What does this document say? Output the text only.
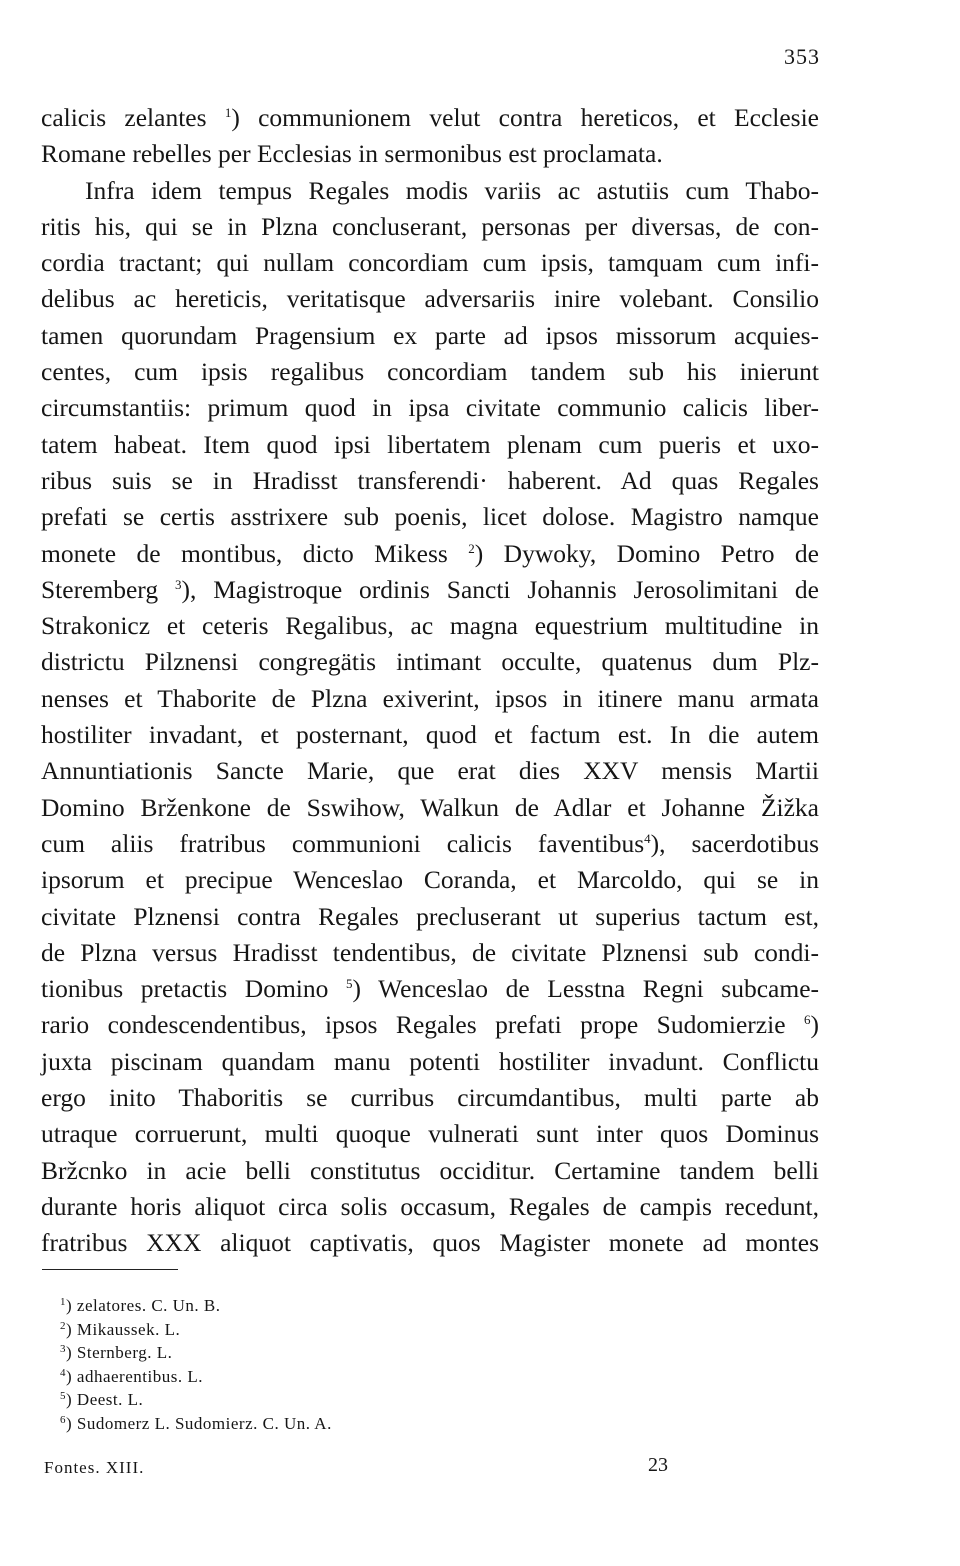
353
calicis zelantes $^1$) communionem velut contra hereticos, et Ecclesie
Romane rebelles per Ecclesias in sermonibus est proclamata.
Infra idem tempus Regales modis variis ac astutiis cum Thabo-
ritis his, qui se in Plzna concluserant, personas per diversas, de con-
cordia tractant; qui nullam concordiam cum ipsis, tamquam cum infi-
delibus ac hereticis, veritatisque adversariis inire volebant. Consilio
tamen quorundam Pragensium ex parte ad ipsos missorum acquies-
centes, cum ipsis regalibus concordiam tandem sub his inierunt
circumstantiis: primum quod in ipsa civitate communio calicis liber-
tatem habeat. Item quod ipsi libertatem plenam cum pueris et uxo-
ribus suis se in Hradisst transferendi· haberent. Ad quas Regales
prefati se certis asstrixere sub poenis, licet dolose. Magistro namque
monete de montibus, dicto Mikess $^2$) Dywoky, Domino Petro de
Steremberg $^3$), Magistroque ordinis Sancti Johannis Jerosolimitani de
Strakonicz et ceteris Regalibus, ac magna equestrium multitudine in
districtu Pilznensi congregätis intimant occulte, quatenus dum Plz-
nenses et Thaborite de Plzna exiverint, ipsos in itinere manu armata
hostiliter invadant, et posternant, quod et factum est. In die autem
Annuntiationis Sancte Marie, que erat dies XXV mensis Martii
Domino Brženkone de Sswihow, Walkun de Adlar et Johanne Žižka
cum aliis fratribus communioni calicis faventibus$^4$), sacerdotibus
ipsorum et precipue Wenceslao Coranda, et Marcoldo, qui se in
civitate Plznensi contra Regales precluserant ut superius tactum est,
de Plzna versus Hradisst tendentibus, de civitate Plznensi sub condi-
tionibus pretactis Domino $^5$) Wenceslao de Lesstna Regni subcame-
rario condescendentibus, ipsos Regales prefati prope Sudomierzie $^6$)
juxta piscinam quandam manu potenti hostiliter invadunt. Conflictu
ergo inito Thaboritis se curribus circumdantibus, multi parte ab
utraque corruerunt, multi quoque vulnerati sunt inter quos Dominus
Bržcnko in acie belli constitutus occiditur. Certamine tandem belli
durante horis aliquot circa solis occasum, Regales de campis recedunt,
fratribus XXX aliquot captivatis, quos Magister monete ad montes
$^1$) zelatores. C. Un. B.
$^2$) Mikaussek. L.
$^3$) Sternberg. L.
$^4$) adhaerentibus. L.
$^5$) Deest. L.
$^6$) Sudomerz L. Sudomierz. C. Un. A.
Fontes. XIII.	23
